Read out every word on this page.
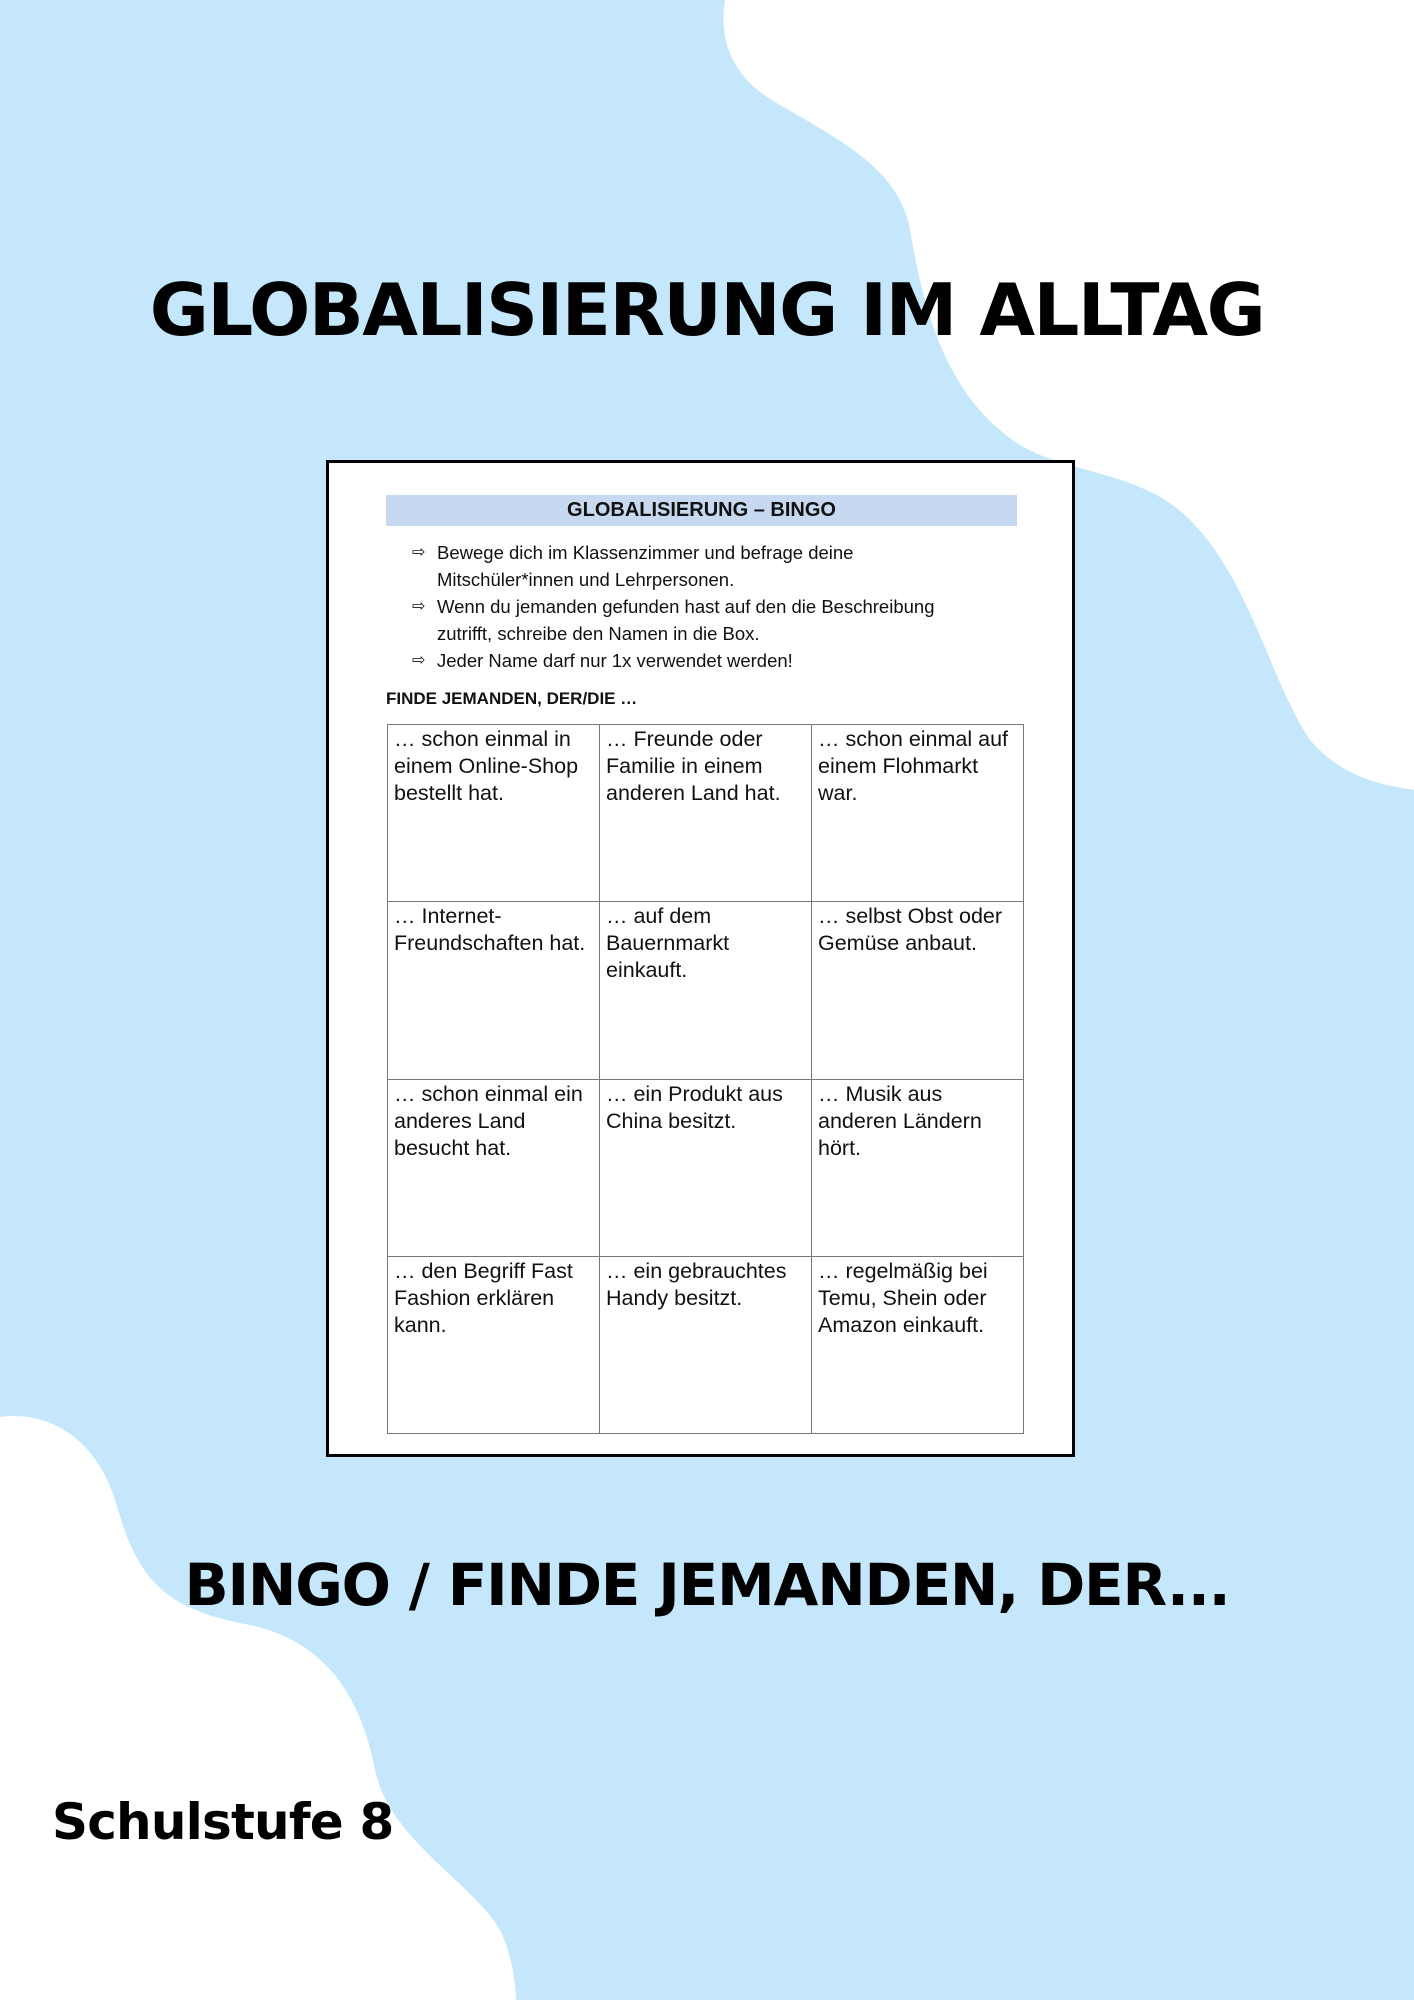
GLOBALISIERUNG IM ALLTAG
GLOBALISIERUNG – BINGO
⇨ Bewege dich im Klassenzimmer und befrage deine Mitschüler*innen und Lehrpersonen.
⇨ Wenn du jemanden gefunden hast auf den die Beschreibung zutrifft, schreibe den Namen in die Box.
⇨ Jeder Name darf nur 1x verwendet werden!
FINDE JEMANDEN, DER/DIE …
… schon einmal in einem Online-Shop bestellt hat.	… Freunde oder Familie in einem anderen Land hat.	… schon einmal auf einem Flohmarkt war.
… Internet-Freundschaften hat.	… auf dem Bauernmarkt einkauft.	… selbst Obst oder Gemüse anbaut.
… schon einmal ein anderes Land besucht hat.	… ein Produkt aus China besitzt.	… Musik aus anderen Ländern hört.
… den Begriff Fast Fashion erklären kann.	… ein gebrauchtes Handy besitzt.	… regelmäßig bei Temu, Shein oder Amazon einkauft.
BINGO / FINDE JEMANDEN, DER...
Schulstufe 8
